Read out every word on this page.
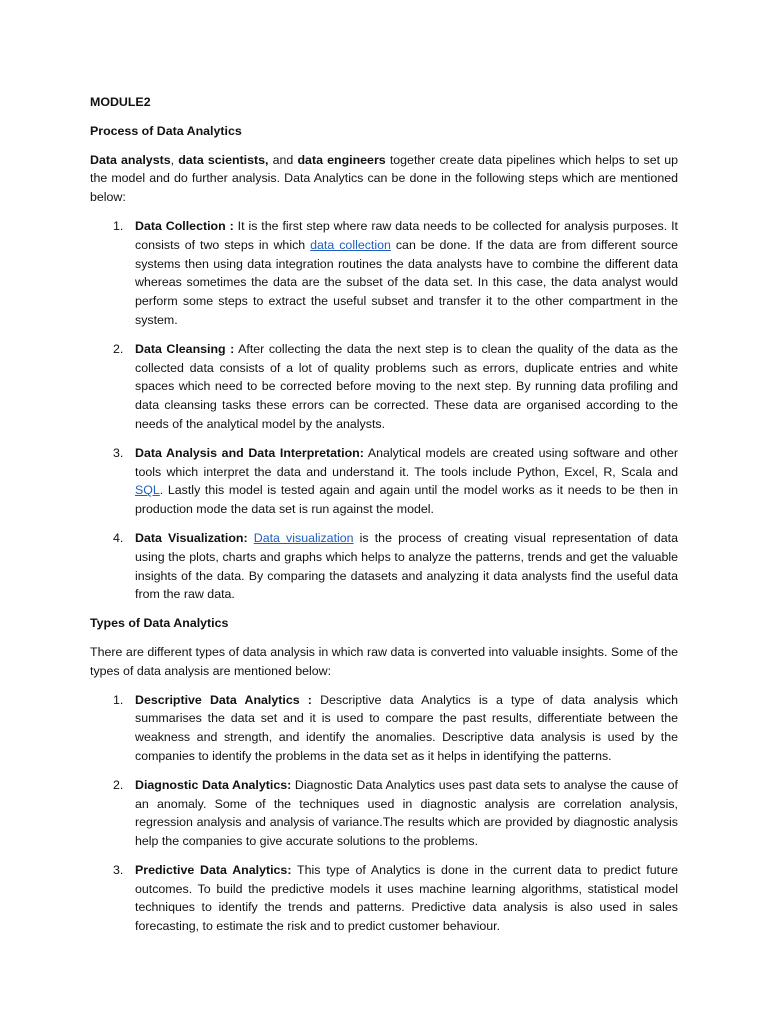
MODULE2

Process of Data Analytics

Data analysts, data scientists, and data engineers together create data pipelines which helps to set up the model and do further analysis. Data Analytics can be done in the following steps which are mentioned below:

1. Data Collection : It is the first step where raw data needs to be collected for analysis purposes. It consists of two steps in which data collection can be done. If the data are from different source systems then using data integration routines the data analysts have to combine the different data whereas sometimes the data are the subset of the data set. In this case, the data analyst would perform some steps to extract the useful subset and transfer it to the other compartment in the system.
2. Data Cleansing : After collecting the data the next step is to clean the quality of the data as the collected data consists of a lot of quality problems such as errors, duplicate entries and white spaces which need to be corrected before moving to the next step. By running data profiling and data cleansing tasks these errors can be corrected. These data are organised according to the needs of the analytical model by the analysts.
3. Data Analysis and Data Interpretation: Analytical models are created using software and other tools which interpret the data and understand it. The tools include Python, Excel, R, Scala and SQL. Lastly this model is tested again and again until the model works as it needs to be then in production mode the data set is run against the model.
4. Data Visualization: Data visualization is the process of creating visual representation of data using the plots, charts and graphs which helps to analyze the patterns, trends and get the valuable insights of the data. By comparing the datasets and analyzing it data analysts find the useful data from the raw data.

Types of Data Analytics

There are different types of data analysis in which raw data is converted into valuable insights. Some of the types of data analysis are mentioned below:

1. Descriptive Data Analytics : Descriptive data Analytics is a type of data analysis which summarises the data set and it is used to compare the past results, differentiate between the weakness and strength, and identify the anomalies. Descriptive data analysis is used by the companies to identify the problems in the data set as it helps in identifying the patterns.
2. Diagnostic Data Analytics: Diagnostic Data Analytics uses past data sets to analyse the cause of an anomaly. Some of the techniques used in diagnostic analysis are correlation analysis, regression analysis and analysis of variance.The results which are provided by diagnostic analysis help the companies to give accurate solutions to the problems.
3. Predictive Data Analytics: This type of Analytics is done in the current data to predict future outcomes. To build the predictive models it uses machine learning algorithms, statistical model techniques to identify the trends and patterns. Predictive data analysis is also used in sales forecasting, to estimate the risk and to predict customer behaviour.
